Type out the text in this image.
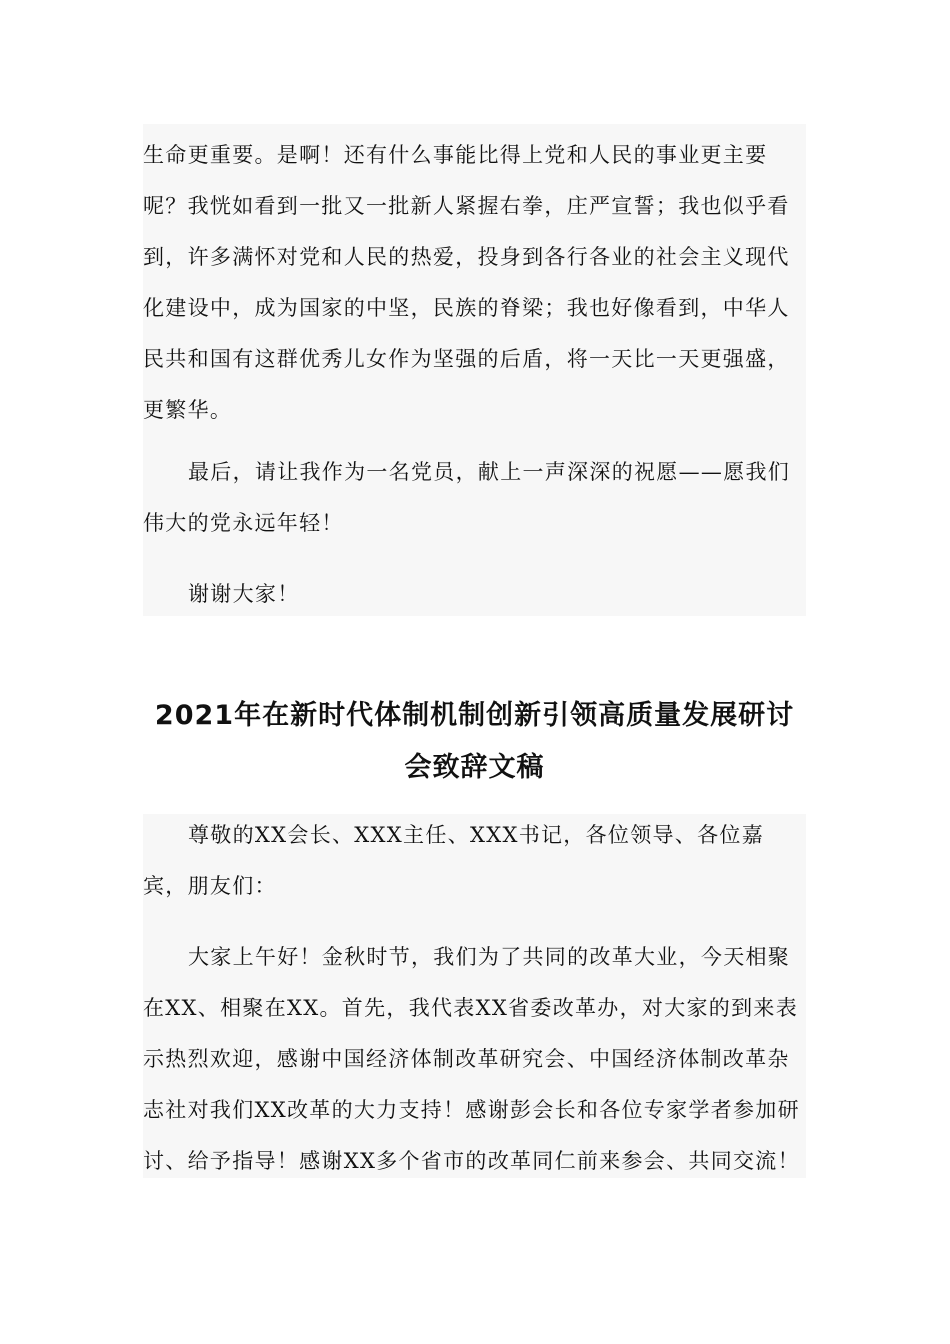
生命更重要。是啊！还有什么事能比得上党和人民的事业更主要呢？我恍如看到一批又一批新人紧握右拳，庄严宣誓；我也似乎看到，许多满怀对党和人民的热爱，投身到各行各业的社会主义现代化建设中，成为国家的中坚，民族的脊梁；我也好像看到，中华人民共和国有这群优秀儿女作为坚强的后盾，将一天比一天更强盛，更繁华。

最后，请让我作为一名党员，献上一声深深的祝愿——愿我们伟大的党永远年轻！

谢谢大家！

2021年在新时代体制机制创新引领高质量发展研讨会致辞文稿

尊敬的XX会长、XXX主任、XXX书记，各位领导、各位嘉宾，朋友们：

大家上午好！金秋时节，我们为了共同的改革大业，今天相聚在XX、相聚在XX。首先，我代表XX省委改革办，对大家的到来表示热烈欢迎，感谢中国经济体制改革研究会、中国经济体制改革杂志社对我们XX改革的大力支持！感谢彭会长和各位专家学者参加研讨、给予指导！感谢XX多个省市的改革同仁前来参会、共同交流！
